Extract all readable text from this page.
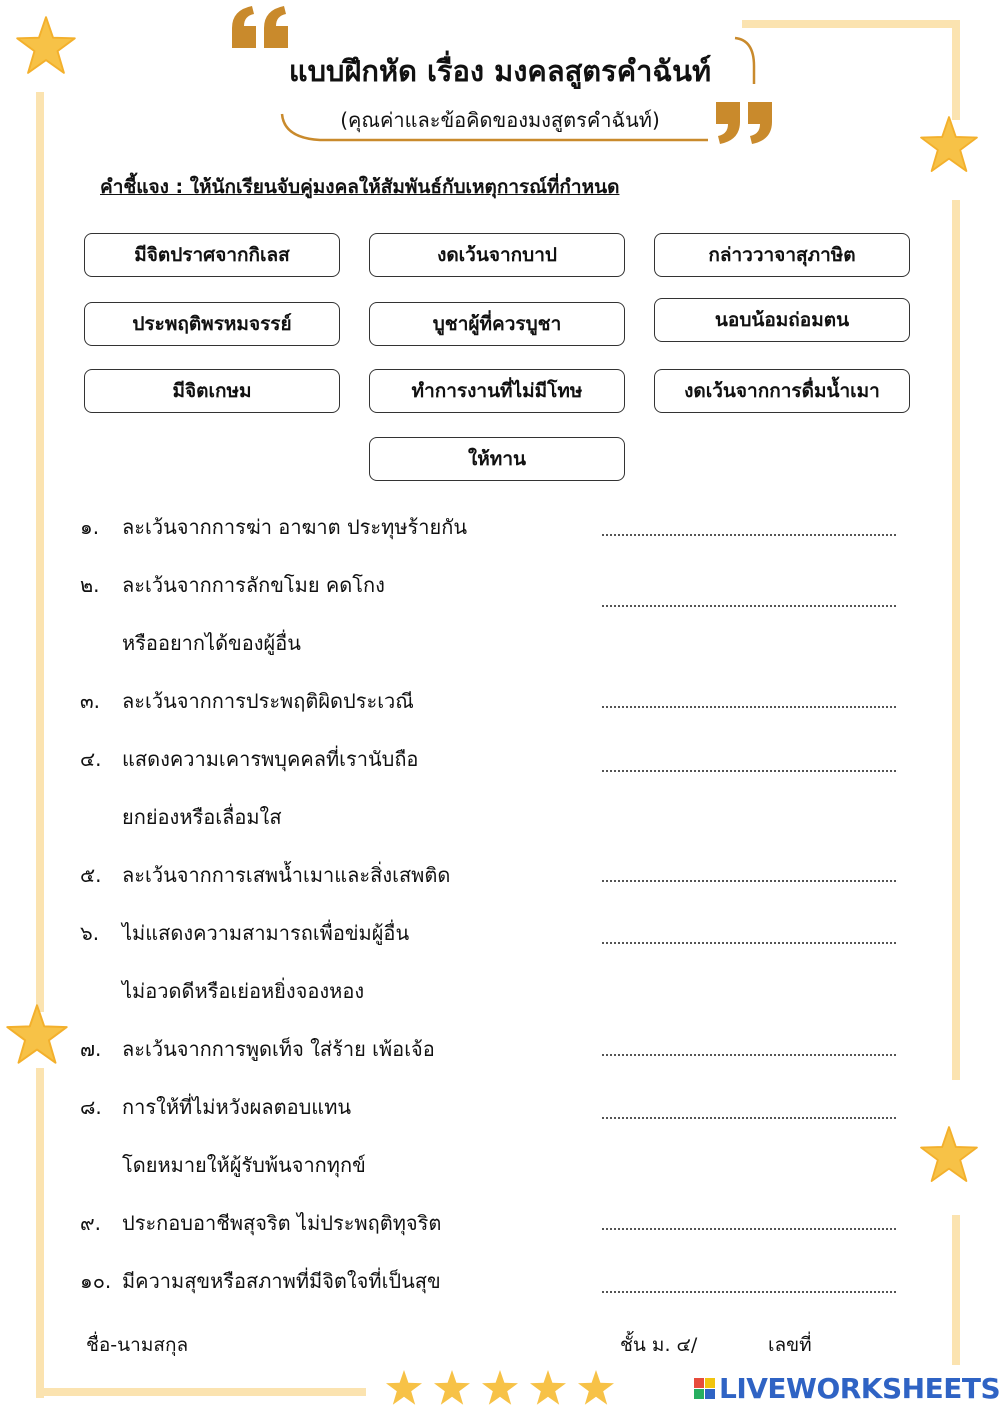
แบบฝึกหัด เรื่อง มงคลสูตรคำฉันท์
(คุณค่าและข้อคิดของมงสูตรคำฉันท์)
คำชี้แจง : ให้นักเรียนจับคู่มงคลให้สัมพันธ์กับเหตุการณ์ที่กำหนด
มีจิตปราศจากกิเลส	งดเว้นจากบาป	กล่าววาจาสุภาษิต
ประพฤติพรหมจรรย์	บูชาผู้ที่ควรบูชา	นอบน้อมถ่อมตน
มีจิตเกษม	ทำการงานที่ไม่มีโทษ	งดเว้นจากการดื่มน้ำเมา
ให้ทาน
๑. ละเว้นจากการฆ่า อาฆาต ประทุษร้ายกัน
๒. ละเว้นจากการลักขโมย คดโกง
หรืออยากได้ของผู้อื่น
๓. ละเว้นจากการประพฤติผิดประเวณี
๔. แสดงความเคารพบุคคลที่เรานับถือ
ยกย่องหรือเลื่อมใส
๕. ละเว้นจากการเสพน้ำเมาและสิ่งเสพติด
๖. ไม่แสดงความสามารถเพื่อข่มผู้อื่น
ไม่อวดดีหรือเย่อหยิ่งจองหอง
๗. ละเว้นจากการพูดเท็จ ใส่ร้าย เพ้อเจ้อ
๘. การให้ที่ไม่หวังผลตอบแทน
โดยหมายให้ผู้รับพ้นจากทุกข์
๙. ประกอบอาชีพสุจริต ไม่ประพฤติทุจริต
๑๐. มีความสุขหรือสภาพที่มีจิตใจที่เป็นสุข
ชื่อ-นามสกุล	ชั้น ม. ๔/	เลขที่
LIVEWORKSHEETS
